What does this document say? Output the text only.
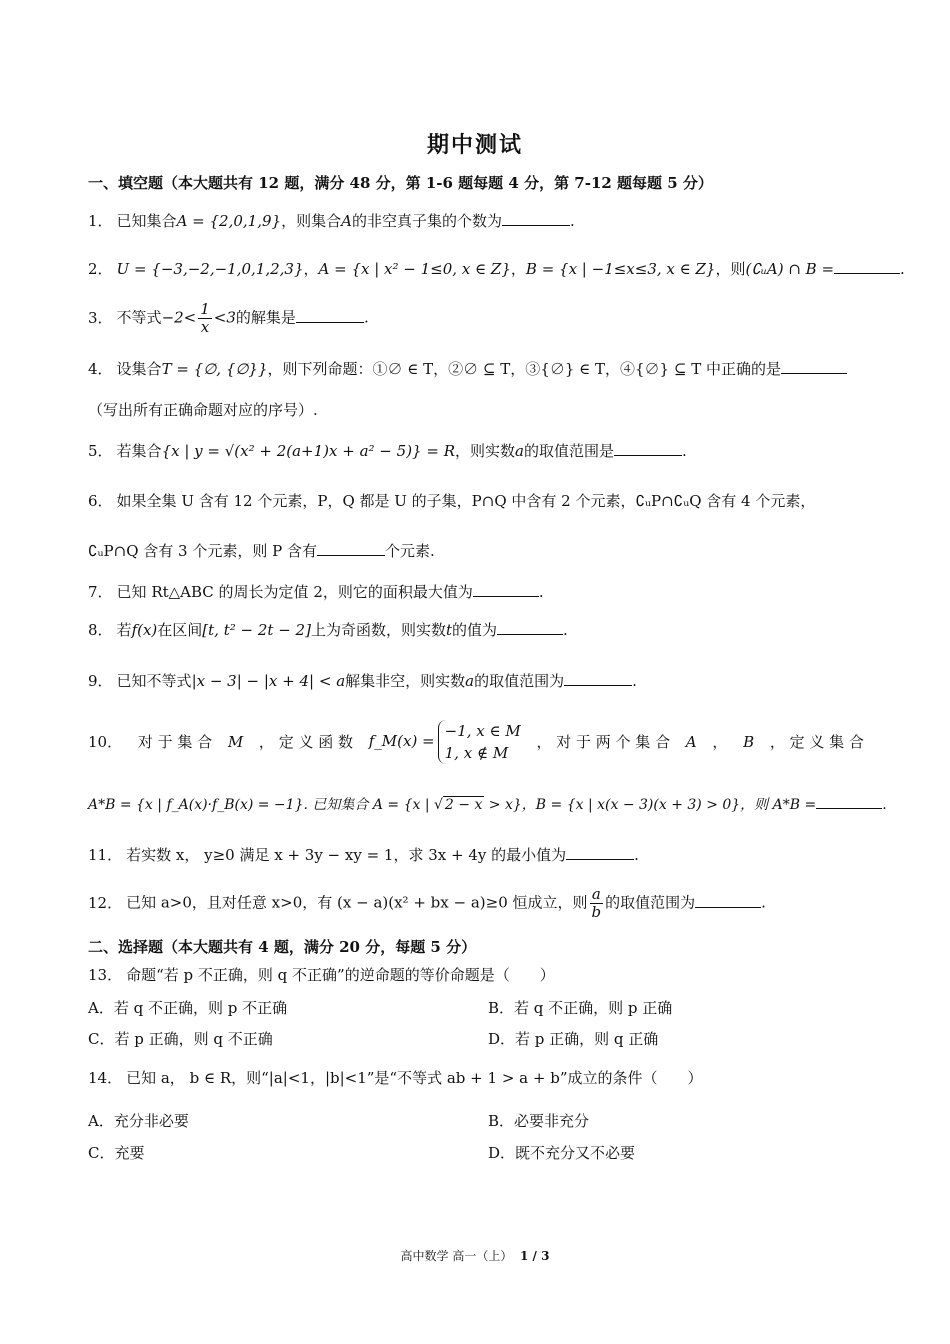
期中测试
一、填空题（本大题共有 12 题，满分 48 分，第 1-6 题每题 4 分，第 7-12 题每题 5 分）
1． 已知集合A = {2,0,1,9}，则集合A的非空真子集的个数为	.
2． U = {−3,−2,−1,0,1,2,3}，A = {x | x² − 1≤0, x ∈ Z}，B = {x | −1≤x≤3, x ∈ Z}，则(∁ᵤA) ∩ B =	.
3． 不等式$-2< \frac{1}{x} <3$的解集是	.
4． 设集合T = {∅, {∅}}，则下列命题：①∅ ∈ T，②∅ ⊆ T，③{∅} ∈ T，④{∅} ⊆ T 中正确的是
（写出所有正确命题对应的序号）.
5． 若集合{x | y = √(x² + 2(a+1)x + a² − 5)} = R，则实数a的取值范围是	.
6． 如果全集 U 含有 12 个元素，P，Q 都是 U 的子集，P∩Q 中含有 2 个元素，∁ᵤP∩∁ᵤQ 含有 4 个元素，
∁ᵤP∩Q 含有 3 个元素，则 P 含有	个元素.
7． 已知 Rt△ABC 的周长为定值 2，则它的面积最大值为	.
8． 若f(x)在区间[t, t² − 2t − 2]上为奇函数，则实数t的值为	.
9． 已知不等式|x − 3| − |x + 4| < a解集非空，则实数a的取值范围为	.
10． 对 于 集 合 M ， 定 义 函 数 f_M(x) =
−1, x ∈ M
1, x ∉ M
， 对 于 两 个 集 合 A ， B ， 定 义 集 合
A*B = {x | f_A(x)·f_B(x) = −1}. 已知集合 A = {x | √ 2 − x > x}，B = {x | x(x − 3)(x + 3) > 0}，则 A*B =	.
11． 若实数 x， y≥0 满足 x + 3y − xy = 1，求 3x + 4y 的最小值为	.
12． 已知 a>0，且对任意 x>0，有 (x − a)(x² + bx − a)≥0 恒成立，则 $\frac{a}{b}$ 的取值范围为	.
二、选择题（本大题共有 4 题，满分 20 分，每题 5 分）
13． 命题“若 p 不正确，则 q 不正确”的逆命题的等价命题是（　　）
A．若 q 不正确，则 p 不正确	B．若 q 不正确，则 p 正确
C．若 p 正确，则 q 不正确	D．若 p 正确，则 q 正确
14． 已知 a， b ∈ R，则“|a|<1，|b|<1”是“不等式 ab + 1 > a + b”成立的条件（　　）
A．充分非必要	B．必要非充分
C．充要	D．既不充分又不必要
高中数学 高一（上） 1 / 3
